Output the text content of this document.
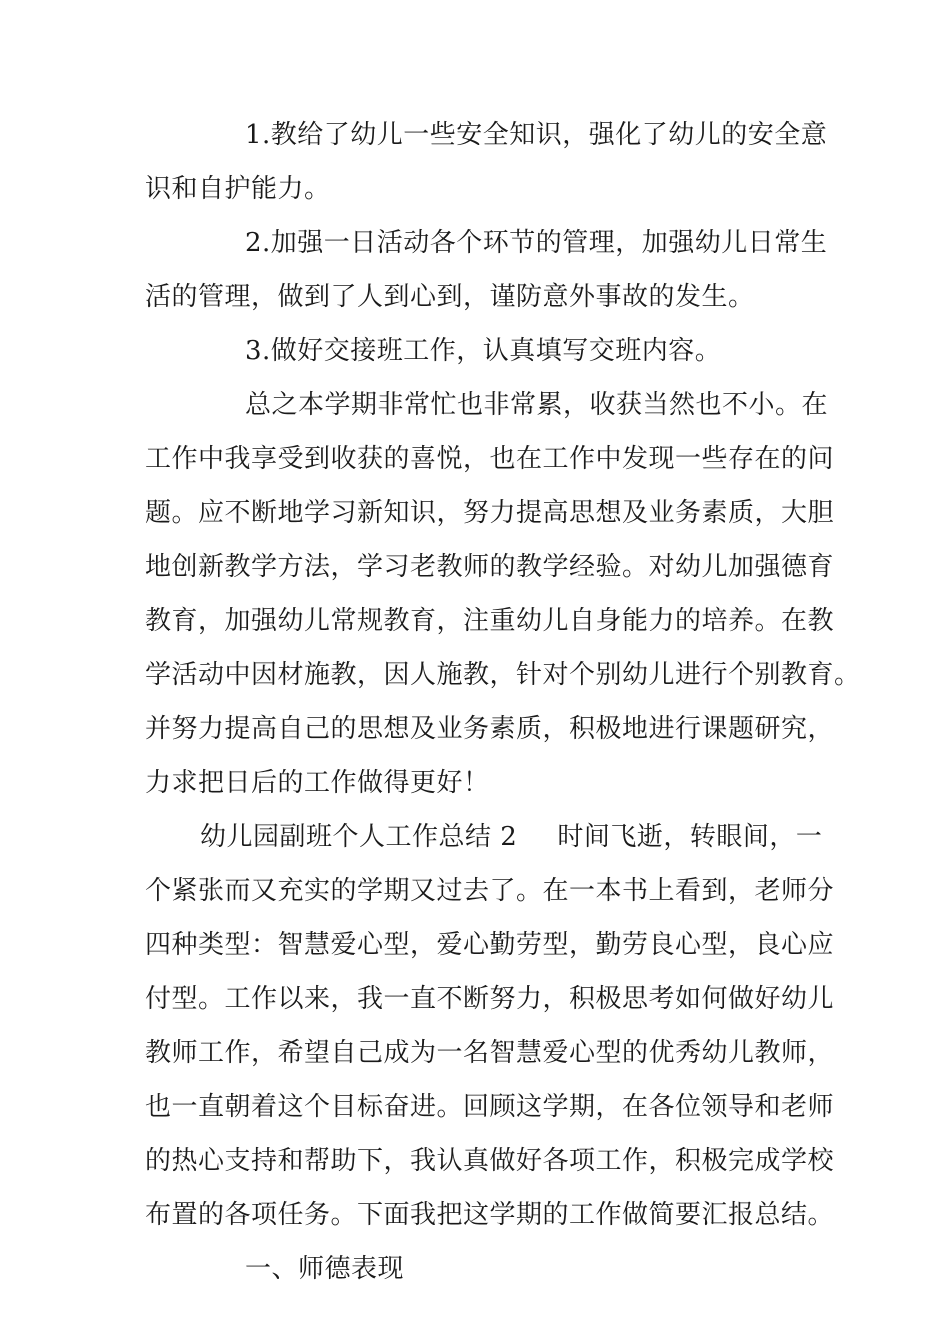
1.教给了幼儿一些安全知识，强化了幼儿的安全意
识和自护能力。
2.加强一日活动各个环节的管理，加强幼儿日常生
活的管理，做到了人到心到，谨防意外事故的发生。
3.做好交接班工作，认真填写交班内容。
总之本学期非常忙也非常累，收获当然也不小。在
工作中我享受到收获的喜悦，也在工作中发现一些存在的问
题。应不断地学习新知识，努力提高思想及业务素质，大胆
地创新教学方法，学习老教师的教学经验。对幼儿加强德育
教育，加强幼儿常规教育，注重幼儿自身能力的培养。在教
学活动中因材施教，因人施教，针对个别幼儿进行个别教育。
并努力提高自己的思想及业务素质，积极地进行课题研究，
力求把日后的工作做得更好！
幼儿园副班个人工作总结 2 时间飞逝，转眼间，一
个紧张而又充实的学期又过去了。在一本书上看到，老师分
四种类型：智慧爱心型，爱心勤劳型，勤劳良心型，良心应
付型。工作以来，我一直不断努力，积极思考如何做好幼儿
教师工作，希望自己成为一名智慧爱心型的优秀幼儿教师，
也一直朝着这个目标奋进。回顾这学期，在各位领导和老师
的热心支持和帮助下，我认真做好各项工作，积极完成学校
布置的各项任务。下面我把这学期的工作做简要汇报总结。
一、师德表现
